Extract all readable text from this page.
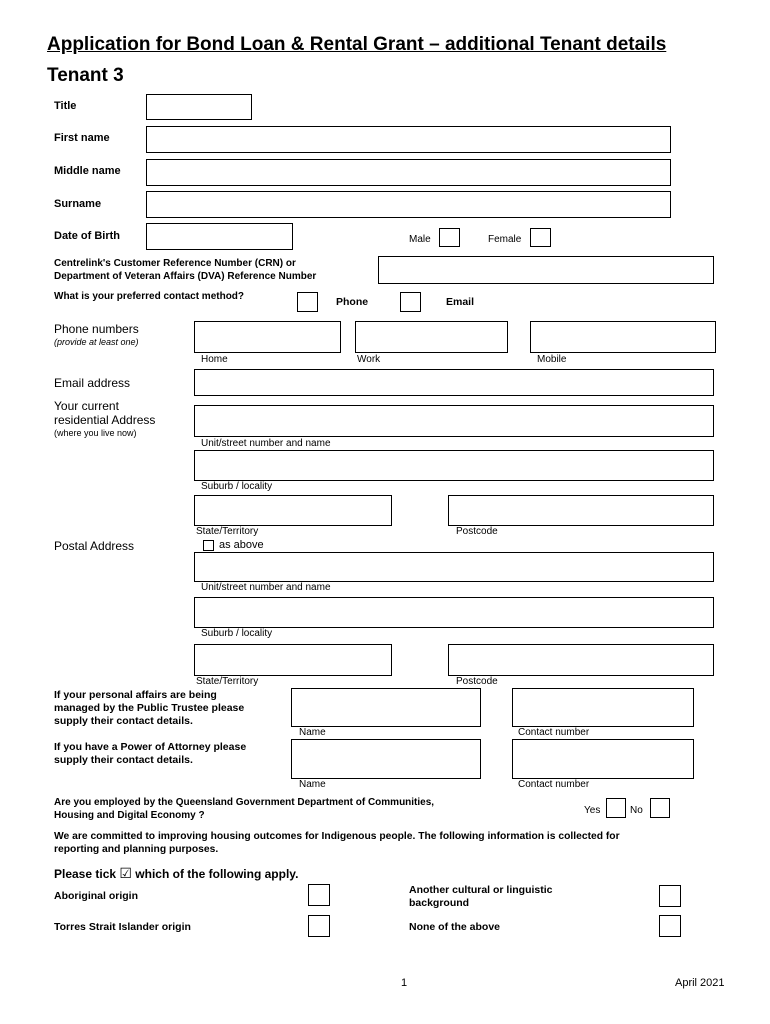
Application for Bond Loan & Rental Grant – additional Tenant details
Tenant 3
Title
First name
Middle name
Surname
Date of Birth	Male	Female
Centrelink's Customer Reference Number (CRN) or
Department of Veteran Affairs (DVA) Reference Number
What is your preferred contact method?	Phone	Email
Phone numbers
(provide at least one)
Home	Work	Mobile
Email address
Your current
residential Address
(where you live now)
Unit/street number and name
Suburb / locality
State/Territory	Postcode
Postal Address	as above
Unit/street number and name
Suburb / locality
State/Territory	Postcode
If your personal affairs are being
managed by the Public Trustee please
supply their contact details.
Name	Contact number
If you have a Power of Attorney please
supply their contact details.
Name	Contact number
Are you employed by the Queensland Government Department of Communities,
Housing and Digital Economy ?	Yes	No
We are committed to improving housing outcomes for Indigenous people. The following information is collected for
reporting and planning purposes.
Please tick ☑ which of the following apply.
Aboriginal origin	Another cultural or linguistic
background
Torres Strait Islander origin	None of the above
1	April 2021
